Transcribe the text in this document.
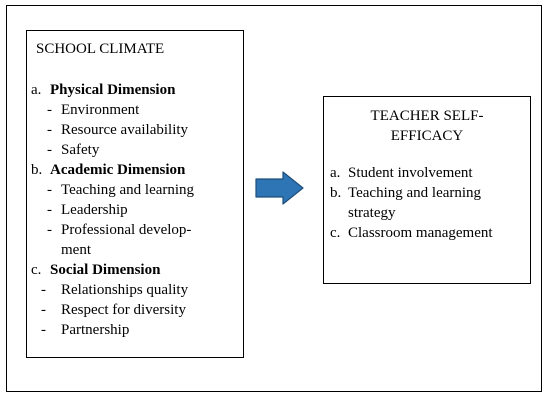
SCHOOL CLIMATE
a. Physical Dimension
- Environment
- Resource availability
- Safety
b. Academic Dimension
- Teaching and learning
- Leadership
- Professional develop-
ment
c. Social Dimension
- Relationships quality
- Respect for diversity
- Partnership
TEACHER SELF-
EFFICACY
a. Student involvement
b. Teaching and learning
strategy
c. Classroom management
